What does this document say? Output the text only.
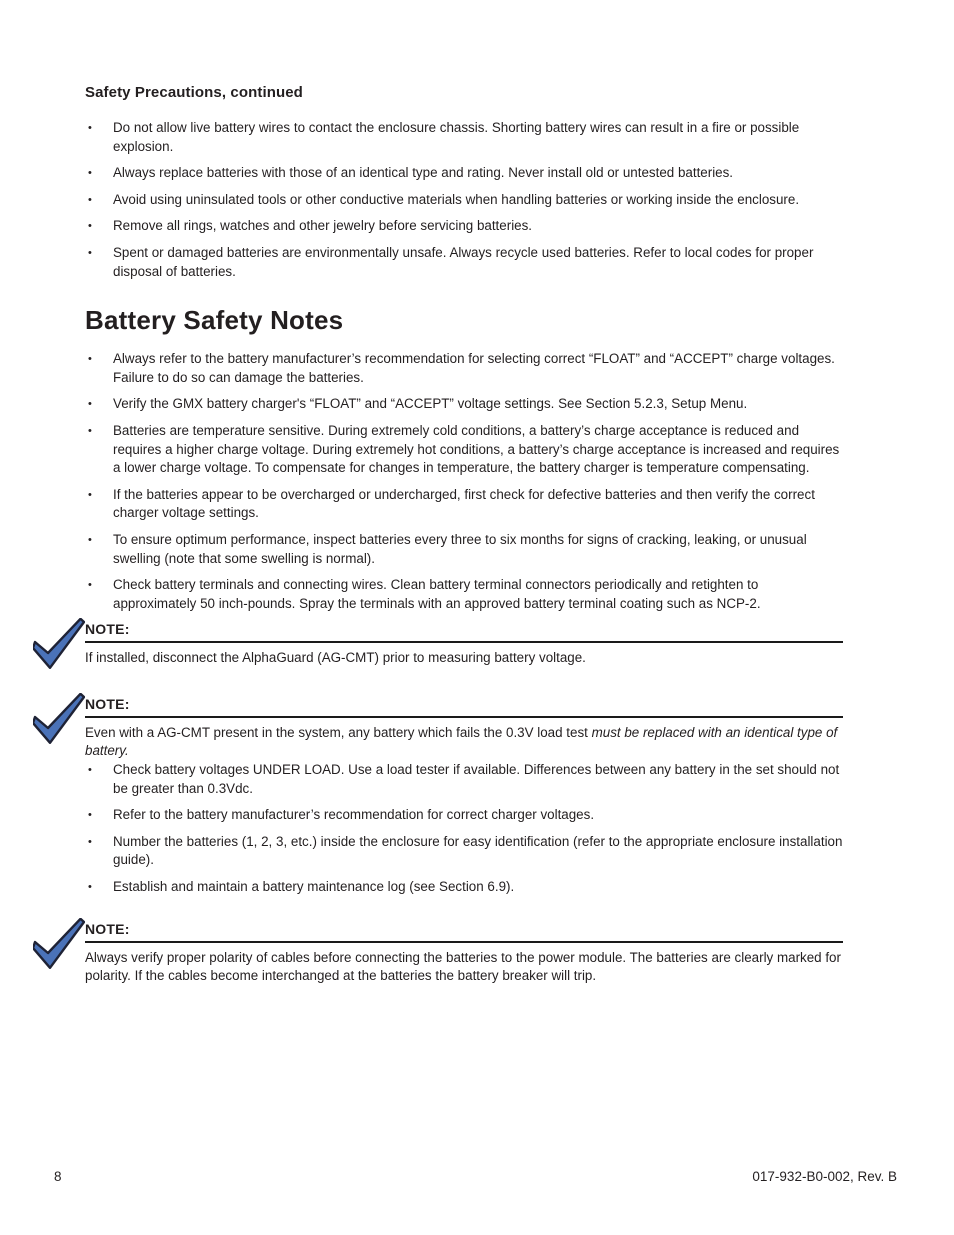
Safety Precautions, continued
•	Do not allow live battery wires to contact the enclosure chassis. Shorting battery wires can result in a fire or possible explosion.
•	Always replace batteries with those of an identical type and rating. Never install old or untested batteries.
•	Avoid using uninsulated tools or other conductive materials when handling batteries or working inside the enclosure.
•	Remove all rings, watches and other jewelry before servicing batteries.
•	Spent or damaged batteries are environmentally unsafe. Always recycle used batteries. Refer to local codes for proper disposal of batteries.
Battery Safety Notes
•	Always refer to the battery manufacturer’s recommendation for selecting correct “FLOAT” and “ACCEPT” charge voltages. Failure to do so can damage the batteries.
•	Verify the GMX battery charger's “FLOAT” and “ACCEPT” voltage settings. See Section 5.2.3, Setup Menu.
•	Batteries are temperature sensitive. During extremely cold conditions, a battery’s charge acceptance is reduced and requires a higher charge voltage. During extremely hot conditions, a battery’s charge acceptance is increased and requires a lower charge voltage. To compensate for changes in temperature, the battery charger is temperature compensating.
•	If the batteries appear to be overcharged or undercharged, first check for defective batteries and then verify the correct charger voltage settings.
•	To ensure optimum performance, inspect batteries every three to six months for signs of cracking, leaking, or unusual swelling (note that some swelling is normal).
•	Check battery terminals and connecting wires. Clean battery terminal connectors periodically and retighten to approximately 50 inch-pounds. Spray the terminals with an approved battery terminal coating such as NCP-2.
NOTE:

If installed, disconnect the AlphaGuard (AG-CMT) prior to measuring battery voltage.

NOTE:

Even with a AG-CMT present in the system, any battery which fails the 0.3V load test must be replaced with an identical type of battery.

•	Check battery voltages UNDER LOAD. Use a load tester if available. Differences between any battery in the set should not be greater than 0.3Vdc.
•	Refer to the battery manufacturer’s recommendation for correct charger voltages.
•	Number the batteries (1, 2, 3, etc.) inside the enclosure for easy identification (refer to the appropriate enclosure installation guide).
•	Establish and maintain a battery maintenance log (see Section 6.9).
NOTE:

Always verify proper polarity of cables before connecting the batteries to the power module. The batteries are clearly marked for polarity. If the cables become interchanged at the batteries the battery breaker will trip.

8	017-932-B0-002, Rev. B
